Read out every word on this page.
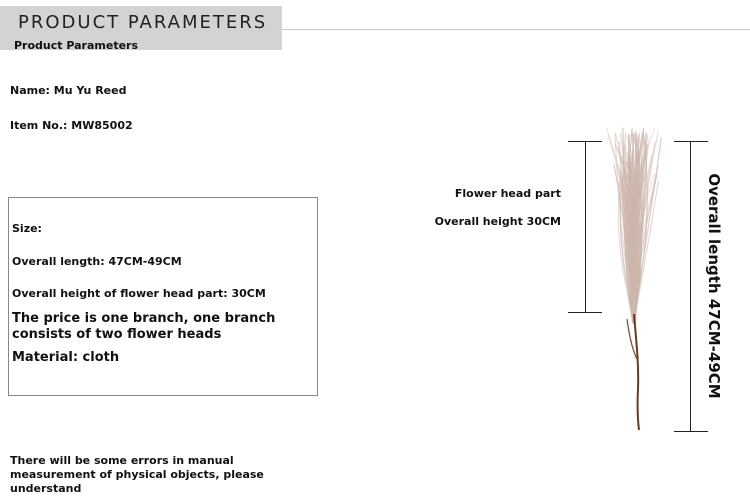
PRODUCT PARAMETERS
Product Parameters
Name: Mu Yu Reed
Item No.: MW85002
Size:
Overall length: 47CM-49CM
Overall height of flower head part: 30CM
The price is one branch, one branch consists of two flower heads
Material: cloth
There will be some errors in manual measurement of physical objects, please understand
Flower head part
Overall height 30CM	Overall length 47CM-49CM
